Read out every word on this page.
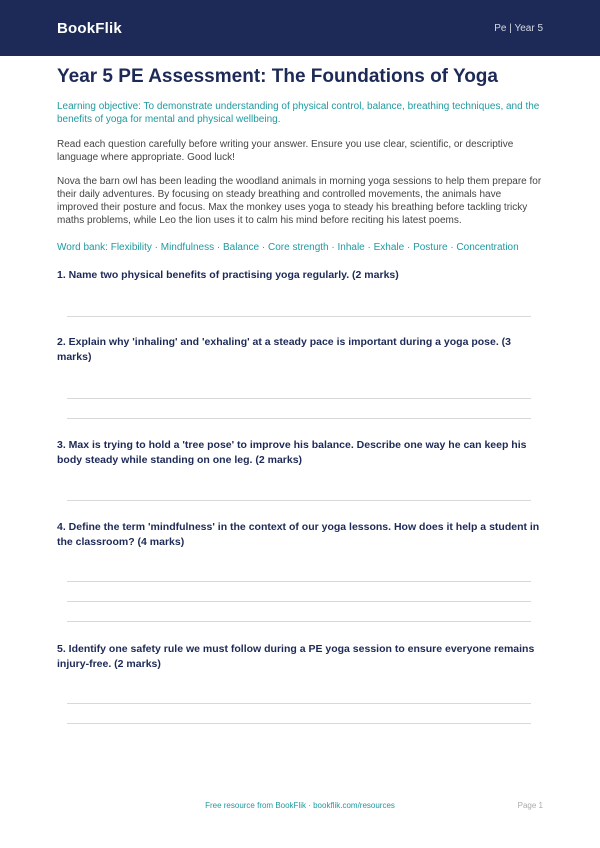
BookFlik	Pe | Year 5
Year 5 PE Assessment: The Foundations of Yoga

Learning objective: To demonstrate understanding of physical control, balance, breathing techniques, and the benefits of yoga for mental and physical wellbeing.

Read each question carefully before writing your answer. Ensure you use clear, scientific, or descriptive language where appropriate. Good luck!

Nova the barn owl has been leading the woodland animals in morning yoga sessions to help them prepare for their daily adventures. By focusing on steady breathing and controlled movements, the animals have improved their posture and focus. Max the monkey uses yoga to steady his breathing before tackling tricky maths problems, while Leo the lion uses it to calm his mind before reciting his latest poems.

Word bank: Flexibility · Mindfulness · Balance · Core strength · Inhale · Exhale · Posture · Concentration

1. Name two physical benefits of practising yoga regularly. (2 marks)

2. Explain why 'inhaling' and 'exhaling' at a steady pace is important during a yoga pose. (3 marks)

3. Max is trying to hold a 'tree pose' to improve his balance. Describe one way he can keep his body steady while standing on one leg. (2 marks)

4. Define the term 'mindfulness' in the context of our yoga lessons. How does it help a student in the classroom? (4 marks)

5. Identify one safety rule we must follow during a PE yoga session to ensure everyone remains injury-free. (2 marks)

Free resource from BookFlik · bookflik.com/resources	Page 1
